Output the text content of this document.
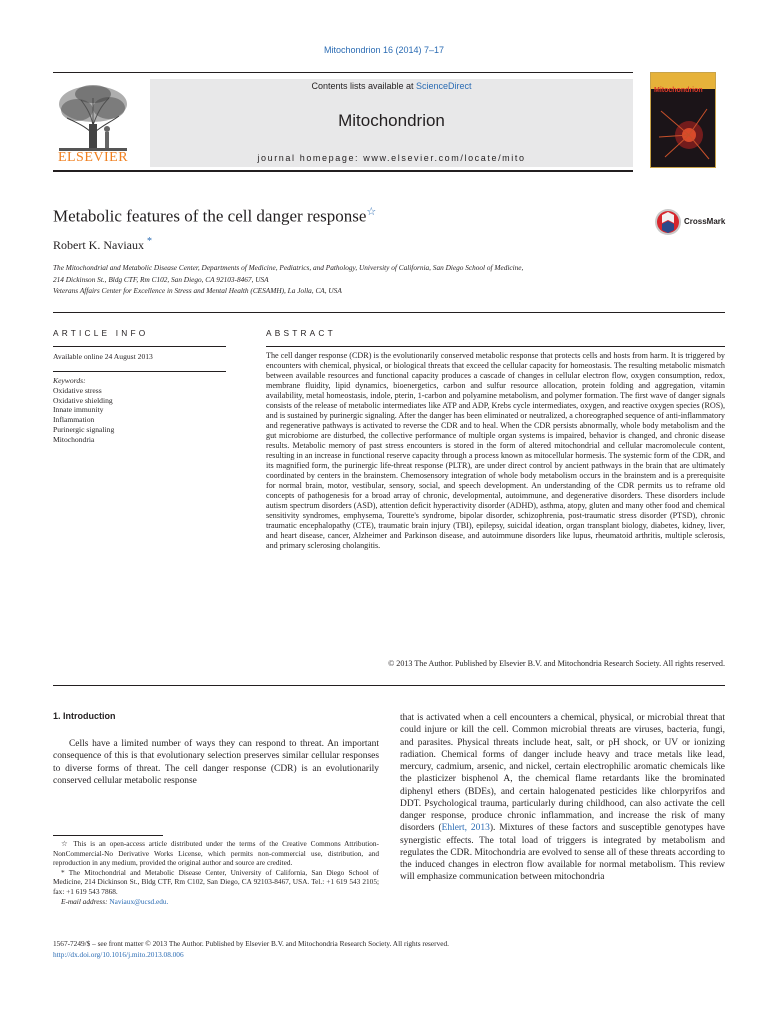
Mitochondrion 16 (2014) 7–17
ELSEVIER
Contents lists available at ScienceDirect
Mitochondrion
journal homepage: www.elsevier.com/locate/mito
Mitochondrion
Metabolic features of the cell danger response☆
CrossMark
Robert K. Naviaux *
The Mitochondrial and Metabolic Disease Center, Departments of Medicine, Pediatrics, and Pathology, University of California, San Diego School of Medicine,
214 Dickinson St., Bldg CTF, Rm C102, San Diego, CA 92103-8467, USA
Veterans Affairs Center for Excellence in Stress and Mental Health (CESAMH), La Jolla, CA, USA
ARTICLE INFO
Available online 24 August 2013
Keywords:
Oxidative stress
Oxidative shielding
Innate immunity
Inflammation
Purinergic signaling
Mitochondria
ABSTRACT
The cell danger response (CDR) is the evolutionarily conserved metabolic response that protects cells and hosts from harm. It is triggered by encounters with chemical, physical, or biological threats that exceed the cellular capacity for homeostasis. The resulting metabolic mismatch between available resources and functional capacity produces a cascade of changes in cellular electron flow, oxygen consumption, redox, membrane fluidity, lipid dynamics, bioenergetics, carbon and sulfur resource allocation, protein folding and aggregation, vitamin availability, metal homeostasis, indole, pterin, 1-carbon and polyamine metabolism, and polymer formation. The first wave of danger signals consists of the release of metabolic intermediates like ATP and ADP, Krebs cycle intermediates, oxygen, and reactive oxygen species (ROS), and is sustained by purinergic signaling. After the danger has been eliminated or neutralized, a choreographed sequence of anti-inflammatory and regenerative pathways is activated to reverse the CDR and to heal. When the CDR persists abnormally, whole body metabolism and the gut microbiome are disturbed, the collective performance of multiple organ systems is impaired, behavior is changed, and chronic disease results. Metabolic memory of past stress encounters is stored in the form of altered mitochondrial and cellular macromolecule content, resulting in an increase in functional reserve capacity through a process known as mitocellular hormesis. The systemic form of the CDR, and its magnified form, the purinergic life-threat response (PLTR), are under direct control by ancient pathways in the brain that are ultimately coordinated by centers in the brainstem. Chemosensory integration of whole body metabolism occurs in the brainstem and is a prerequisite for normal brain, motor, vestibular, sensory, social, and speech development. An understanding of the CDR permits us to reframe old concepts of pathogenesis for a broad array of chronic, developmental, autoimmune, and degenerative disorders. These disorders include autism spectrum disorders (ASD), attention deficit hyperactivity disorder (ADHD), asthma, atopy, gluten and many other food and chemical sensitivity syndromes, emphysema, Tourette's syndrome, bipolar disorder, schizophrenia, post-traumatic stress disorder (PTSD), chronic traumatic encephalopathy (CTE), traumatic brain injury (TBI), epilepsy, suicidal ideation, organ transplant biology, diabetes, kidney, liver, and heart disease, cancer, Alzheimer and Parkinson disease, and autoimmune disorders like lupus, rheumatoid arthritis, multiple sclerosis, and primary sclerosing cholangitis.
© 2013 The Author. Published by Elsevier B.V. and Mitochondria Research Society. All rights reserved.
1. Introduction
Cells have a limited number of ways they can respond to threat. An important consequence of this is that evolutionary selection preserves similar cellular responses to diverse forms of threat. The cell danger response (CDR) is an evolutionarily conserved cellular metabolic response
that is activated when a cell encounters a chemical, physical, or microbial threat that could injure or kill the cell. Common microbial threats are viruses, bacteria, fungi, and parasites. Physical threats include heat, salt, or pH shock, or UV or ionizing radiation. Chemical forms of danger include heavy and trace metals like lead, mercury, cadmium, arsenic, and nickel, certain electrophilic aromatic chemicals like the plasticizer bisphenol A, the chemical flame retardants like the brominated diphenyl ethers (BDEs), and certain halogenated pesticides like chlorpyrifos and DDT. Psychological trauma, particularly during childhood, can also activate the cell danger response, produce chronic inflammation, and increase the risk of many disorders (Ehlert, 2013). Mixtures of these factors and susceptible genotypes have synergistic effects. The total load of triggers is integrated by metabolism and regulates the CDR. Mitochondria are evolved to sense all of these threats according to the induced changes in electron flow available for normal metabolism. This review will emphasize communication between mitochondria
☆ This is an open-access article distributed under the terms of the Creative Commons Attribution-NonCommercial-No Derivative Works License, which permits non-commercial use, distribution, and reproduction in any medium, provided the original author and source are credited.
* The Mitochondrial and Metabolic Disease Center, University of California, San Diego School of Medicine, 214 Dickinson St., Bldg CTF, Rm C102, San Diego, CA 92103-8467, USA. Tel.: +1 619 543 2105; fax: +1 619 543 7868.
E-mail address: Naviaux@ucsd.edu.
1567-7249/$ – see front matter © 2013 The Author. Published by Elsevier B.V. and Mitochondria Research Society. All rights reserved.
http://dx.doi.org/10.1016/j.mito.2013.08.006
